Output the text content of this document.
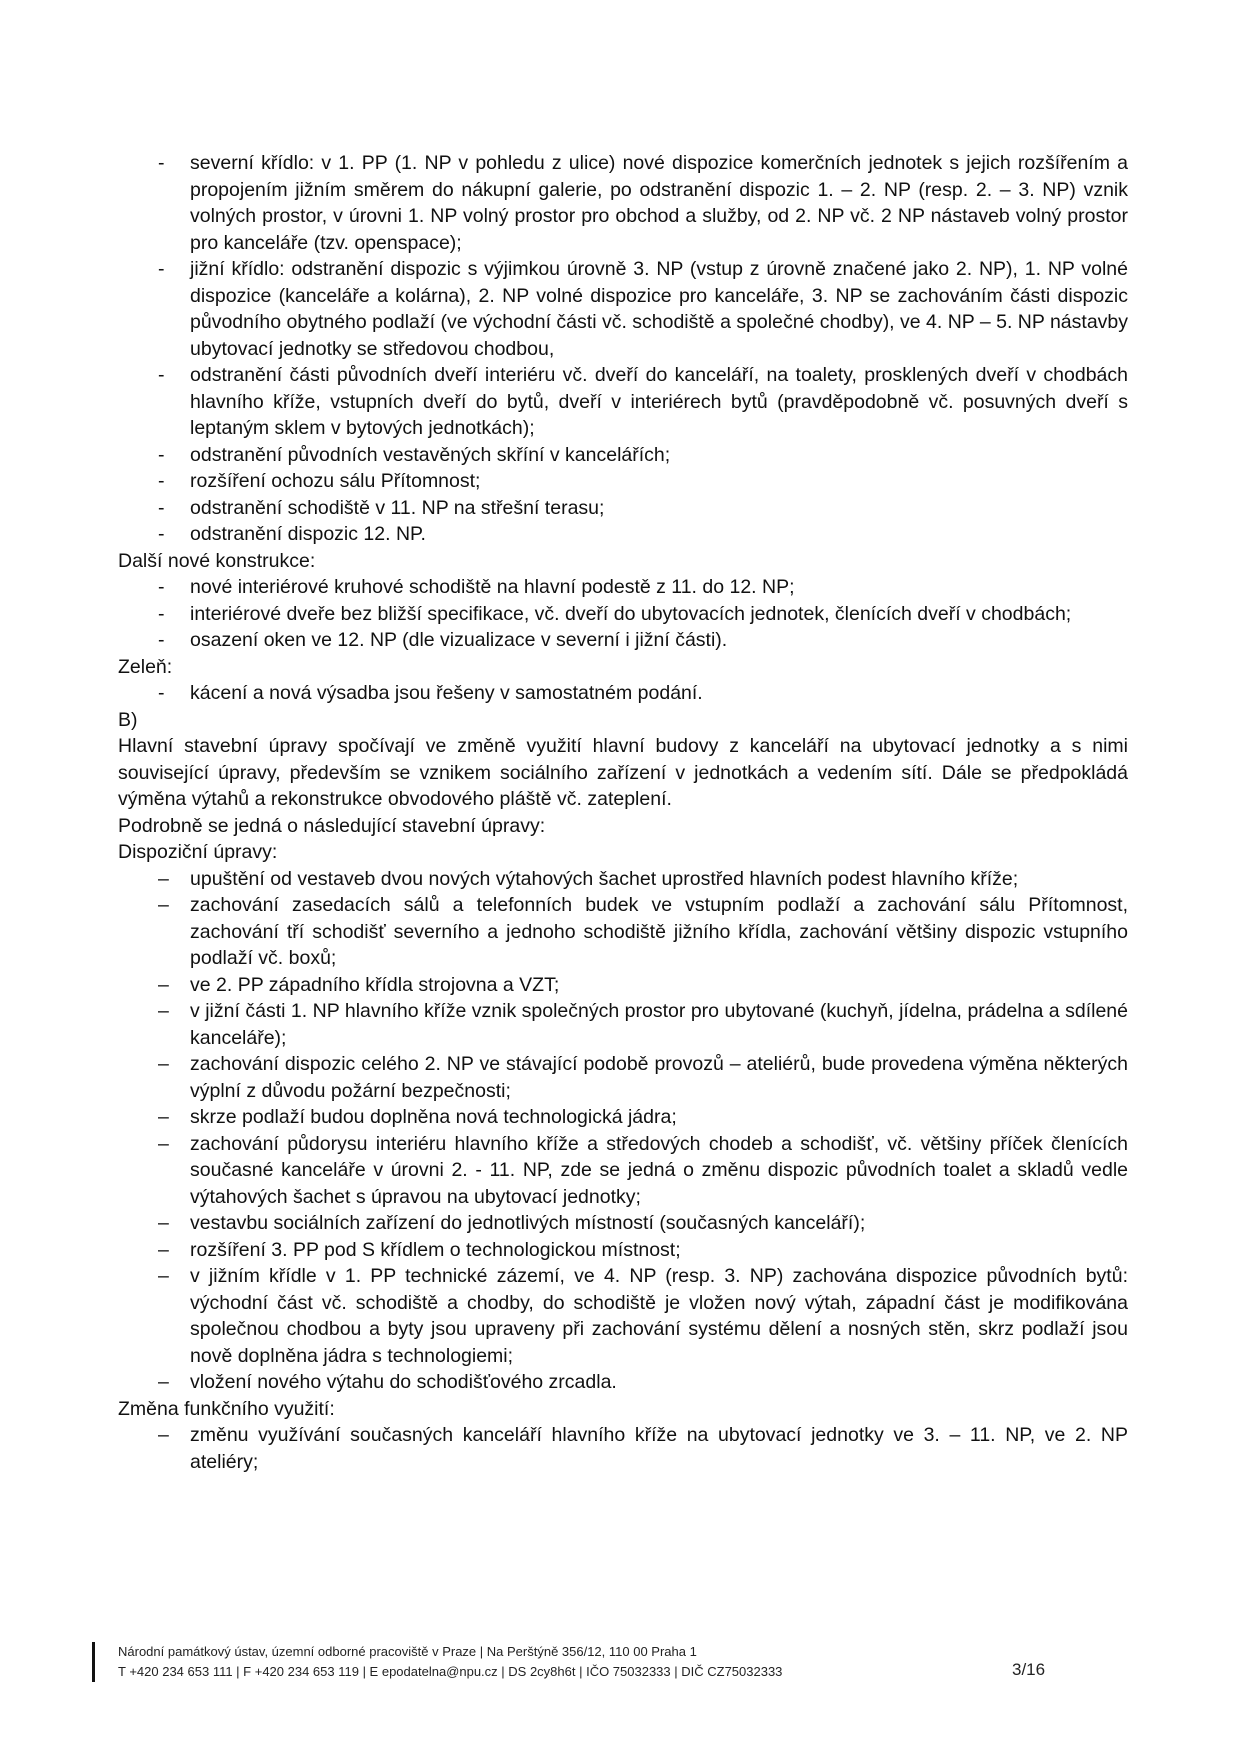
- severní křídlo: v 1. PP (1. NP v pohledu z ulice) nové dispozice komerčních jednotek s jejich rozšířením a propojením jižním směrem do nákupní galerie, po odstranění dispozic 1. – 2. NP (resp. 2. – 3. NP) vznik volných prostor, v úrovni 1. NP volný prostor pro obchod a služby, od 2. NP vč. 2 NP nástaveb volný prostor pro kanceláře (tzv. openspace);
- jižní křídlo: odstranění dispozic s výjimkou úrovně 3. NP (vstup z úrovně značené jako 2. NP), 1. NP volné dispozice (kanceláře a kolárna), 2. NP volné dispozice pro kanceláře, 3. NP se zachováním části dispozic původního obytného podlaží (ve východní části vč. schodiště a společné chodby), ve 4. NP – 5. NP nástavby ubytovací jednotky se středovou chodbou,
- odstranění části původních dveří interiéru vč. dveří do kanceláří, na toalety, prosklených dveří v chodbách hlavního kříže, vstupních dveří do bytů, dveří v interiérech bytů (pravděpodobně vč. posuvných dveří s leptaným sklem v bytových jednotkách);
- odstranění původních vestavěných skříní v kancelářích;
- rozšíření ochozu sálu Přítomnost;
- odstranění schodiště v 11. NP na střešní terasu;
- odstranění dispozic 12. NP.

Další nové konstrukce:

- nové interiérové kruhové schodiště na hlavní podestě z 11. do 12. NP;
- interiérové dveře bez bližší specifikace, vč. dveří do ubytovacích jednotek, členících dveří v chodbách;
- osazení oken ve 12. NP (dle vizualizace v severní i jižní části).

Zeleň:

- kácení a nová výsadba jsou řešeny v samostatném podání.

B)

Hlavní stavební úpravy spočívají ve změně využití hlavní budovy z kanceláří na ubytovací jednotky a s nimi související úpravy, především se vznikem sociálního zařízení v jednotkách a vedením sítí. Dále se předpokládá výměna výtahů a rekonstrukce obvodového pláště vč. zateplení.

Podrobně se jedná o následující stavební úpravy:

Dispoziční úpravy:

– upuštění od vestaveb dvou nových výtahových šachet uprostřed hlavních podest hlavního kříže;
– zachování zasedacích sálů a telefonních budek ve vstupním podlaží a zachování sálu Přítomnost, zachování tří schodišť severního a jednoho schodiště jižního křídla, zachování většiny dispozic vstupního podlaží vč. boxů;
– ve 2. PP západního křídla strojovna a VZT;
– v jižní části 1. NP hlavního kříže vznik společných prostor pro ubytované (kuchyň, jídelna, prádelna a sdílené kanceláře);
– zachování dispozic celého 2. NP ve stávající podobě provozů – ateliérů, bude provedena výměna některých výplní z důvodu požární bezpečnosti;
– skrze podlaží budou doplněna nová technologická jádra;
– zachování půdorysu interiéru hlavního kříže a středových chodeb a schodišť, vč. většiny příček členících současné kanceláře v úrovni 2. - 11. NP, zde se jedná o změnu dispozic původních toalet a skladů vedle výtahových šachet s úpravou na ubytovací jednotky;
– vestavbu sociálních zařízení do jednotlivých místností (současných kanceláří);
– rozšíření 3. PP pod S křídlem o technologickou místnost;
– v jižním křídle v 1. PP technické zázemí, ve 4. NP (resp. 3. NP) zachována dispozice původních bytů: východní část vč. schodiště a chodby, do schodiště je vložen nový výtah, západní část je modifikována společnou chodbou a byty jsou upraveny při zachování systému dělení a nosných stěn, skrz podlaží jsou nově doplněna jádra s technologiemi;
– vložení nového výtahu do schodišťového zrcadla.

Změna funkčního využití:

– změnu využívání současných kanceláří hlavního kříže na ubytovací jednotky ve 3. – 11. NP, ve 2. NP ateliéry;
Národní památkový ústav, územní odborné pracoviště v Praze | Na Perštýně 356/12, 110 00 Praha 1
T +420 234 653 111 | F +420 234 653 119 | E epodatelna@npu.cz | DS 2cy8h6t | IČO 75032333 | DIČ CZ75032333	3/16
